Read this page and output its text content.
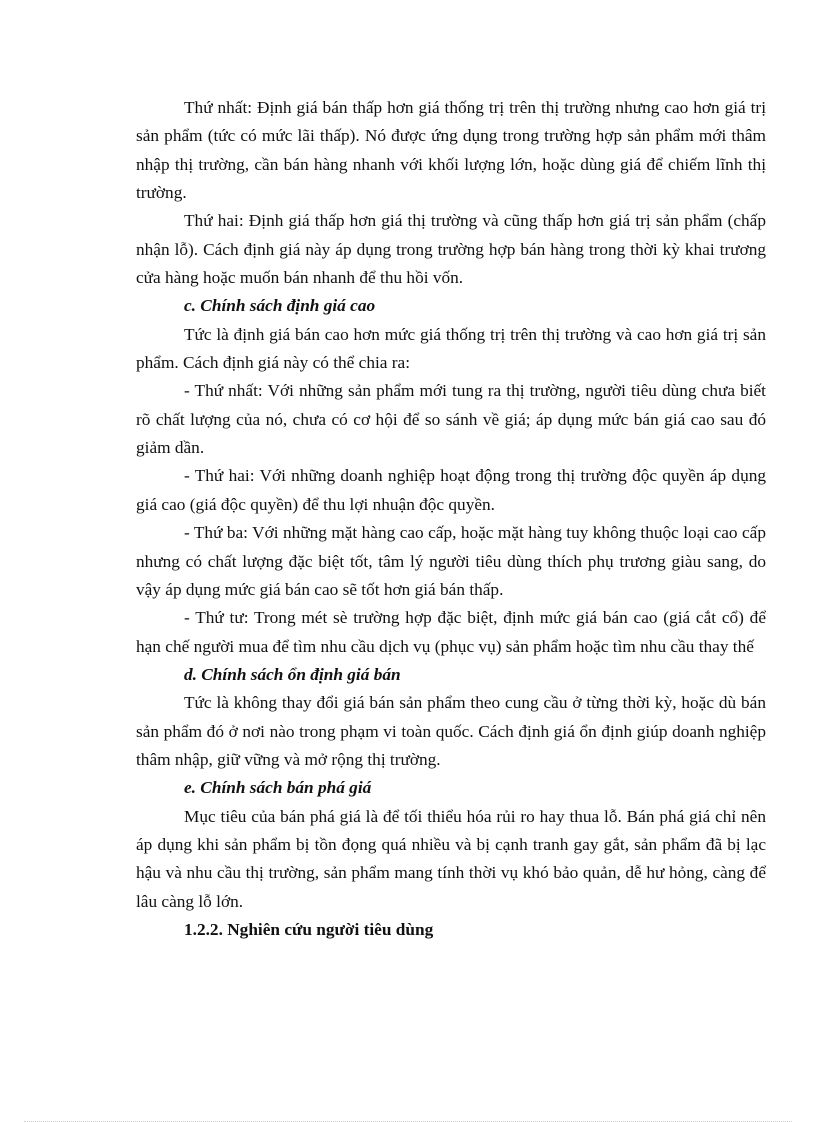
Thứ nhất: Định giá bán thấp hơn giá thống trị trên thị trường nhưng cao hơn giá trị sản phẩm (tức có mức lãi thấp). Nó được ứng dụng trong trường hợp sản phẩm mới thâm nhập thị trường, cần bán hàng nhanh với khối lượng lớn, hoặc dùng giá để chiếm lĩnh thị trường.

Thứ hai: Định giá thấp hơn giá thị trường và cũng thấp hơn giá trị sản phẩm (chấp nhận lỗ). Cách định giá này áp dụng trong trường hợp bán hàng trong thời kỳ khai trương cửa hàng hoặc muốn bán nhanh để thu hồi vốn.

c. Chính sách định giá cao

Tức là định giá bán cao hơn mức giá thống trị trên thị trường và cao hơn giá trị sản phẩm. Cách định giá này có thể chia ra:

- Thứ nhất: Với những sản phẩm mới tung ra thị trường, người tiêu dùng chưa biết rõ chất lượng của nó, chưa có cơ hội để so sánh về giá; áp dụng mức bán giá cao sau đó giảm dần.

- Thứ hai: Với những doanh nghiệp hoạt động trong thị trường độc quyền áp dụng giá cao (giá độc quyền) để thu lợi nhuận độc quyền.

- Thứ ba: Với những mặt hàng cao cấp, hoặc mặt hàng tuy không thuộc loại cao cấp nhưng có chất lượng đặc biệt tốt, tâm lý người tiêu dùng thích phụ trương giàu sang, do vậy áp dụng mức giá bán cao sẽ tốt hơn giá bán thấp.

- Thứ tư: Trong mét sè trường hợp đặc biệt, định mức giá bán cao (giá cắt cổ) để hạn chế người mua để tìm nhu cầu dịch vụ (phục vụ) sản phẩm hoặc tìm nhu cầu thay thế

d. Chính sách ổn định giá bán

Tức là không thay đổi giá bán sản phẩm theo cung cầu ở từng thời kỳ, hoặc dù bán sản phẩm đó ở nơi nào trong phạm vi toàn quốc. Cách định giá ổn định giúp doanh nghiệp thâm nhập, giữ vững và mở rộng thị trường.

e. Chính sách bán phá giá

Mục tiêu của bán phá giá là để tối thiểu hóa rủi ro hay thua lỗ. Bán phá giá chỉ nên áp dụng khi sản phẩm bị tồn đọng quá nhiều và bị cạnh tranh gay gắt, sản phẩm đã bị lạc hậu và nhu cầu thị trường, sản phẩm mang tính thời vụ khó bảo quản, dễ hư hỏng, càng để lâu càng lỗ lớn.

1.2.2. Nghiên cứu người tiêu dùng
